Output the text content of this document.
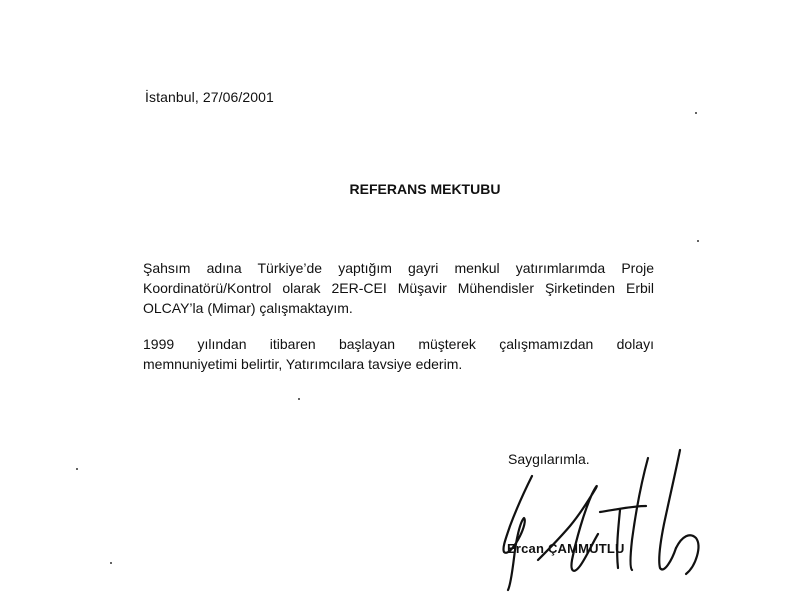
İstanbul, 27/06/2001
REFERANS MEKTUBU
Şahsım adına Türkiye’de yaptığım gayri menkul yatırımlarımda Proje
Koordinatörü/Kontrol olarak 2ER-CEI Müşavir Mühendisler Şirketinden Erbil
OLCAY’la (Mimar) çalışmaktayım.
1999 yılından itibaren başlayan müşterek çalışmamızdan dolayı
memnuniyetimi belirtir, Yatırımcılara tavsiye ederim.
Saygılarımla.
Ercan ÇAMMUTLU
